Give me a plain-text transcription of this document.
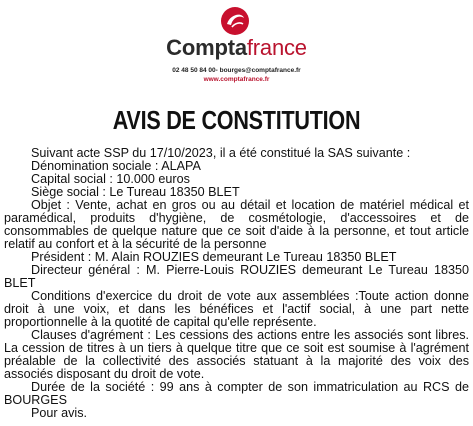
Comptafrance
02 48 50 84 00- bourges@comptafrance.fr
www.comptafrance.fr
AVIS DE CONSTITUTION

Suivant acte SSP du 17/10/2023, il a été constitué la SAS suivante :

Dénomination sociale : ALAPA

Capital social : 10.000 euros

Siège social : Le Tureau 18350 BLET

Objet : Vente, achat en gros ou au détail et location de matériel médical et paramédical, produits d'hygiène, de cosmétologie, d'accessoires et de consommables de quelque nature que ce soit d'aide à la personne, et tout article relatif au confort et à la sécurité de la personne

Président : M. Alain ROUZIES demeurant Le Tureau 18350 BLET

Directeur général : M. Pierre-Louis ROUZIES demeurant Le Tureau 18350 BLET

Conditions d'exercice du droit de vote aux assemblées :Toute action donne droit à une voix, et dans les bénéfices et l'actif social, à une part nette proportionnelle à la quotité de capital qu'elle représente.

Clauses d'agrément : Les cessions des actions entre les associés sont libres. La cession de titres à un tiers à quelque titre que ce soit est soumise à l'agrément préalable de la collectivité des associés statuant à la majorité des voix des associés disposant du droit de vote.

Durée de la société : 99 ans à compter de son immatriculation au RCS de BOURGES

Pour avis.
